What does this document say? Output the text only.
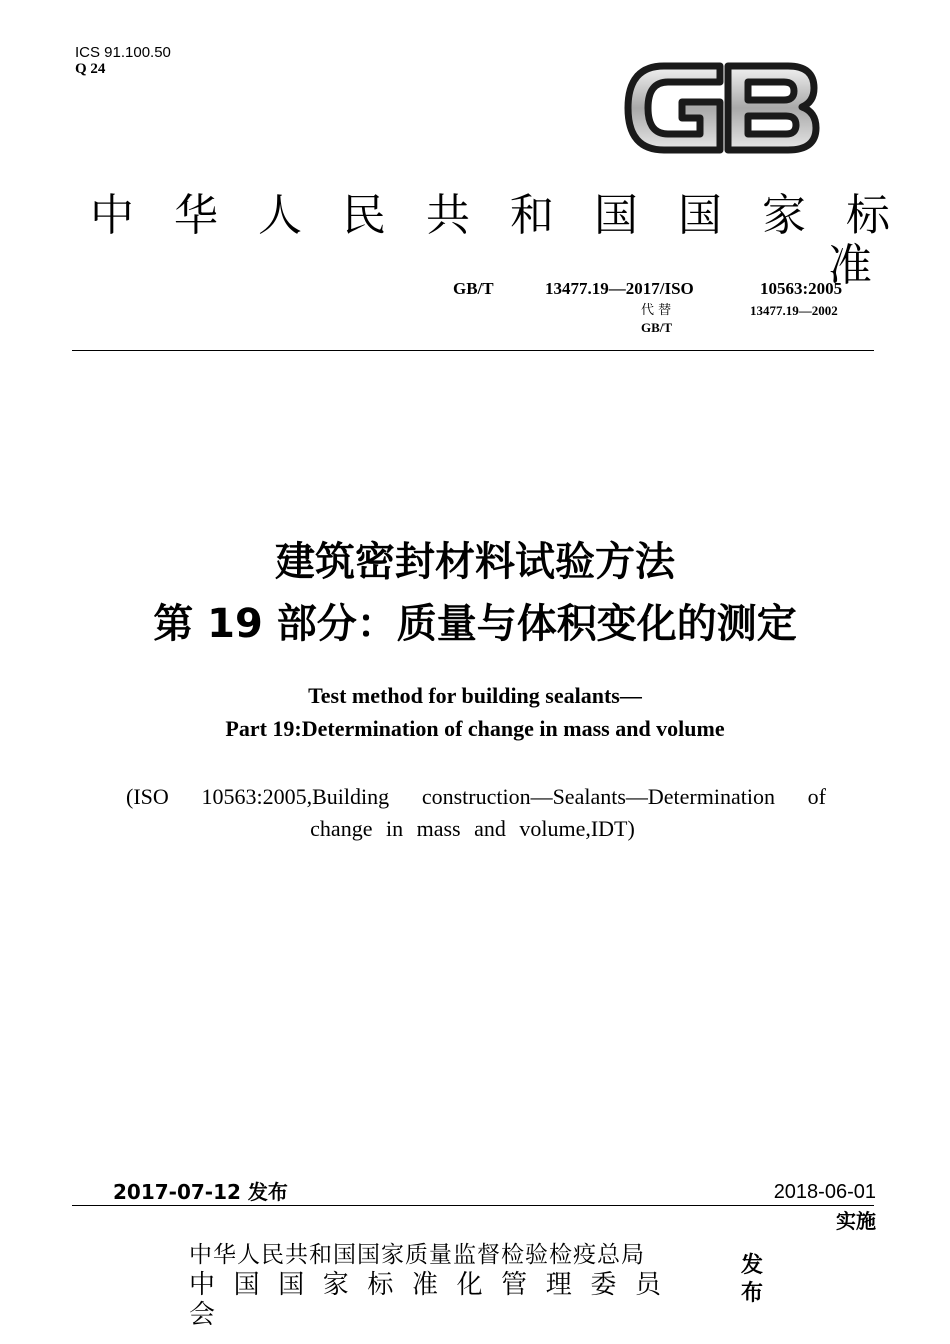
ICS 91.100.50
Q 24
中 华 人 民 共 和 国 国 家 标
准
GB/T	13477.19—2017/ISO	10563:2005
代 替	13477.19—2002
GB/T
建筑密封材料试验方法
第 19 部分：质量与体积变化的测定
Test method for building sealants—
Part 19:Determination of change in mass and volume
(ISO 10563:2005,Building construction—Sealants—Determination of
change in mass and volume,IDT)
2017-07-12 发布	2018-06-01
实施
中华人民共和国国家质量监督检验检疫总局
中 国 国 家 标 准 化 管 理 委 员
会
发
布
